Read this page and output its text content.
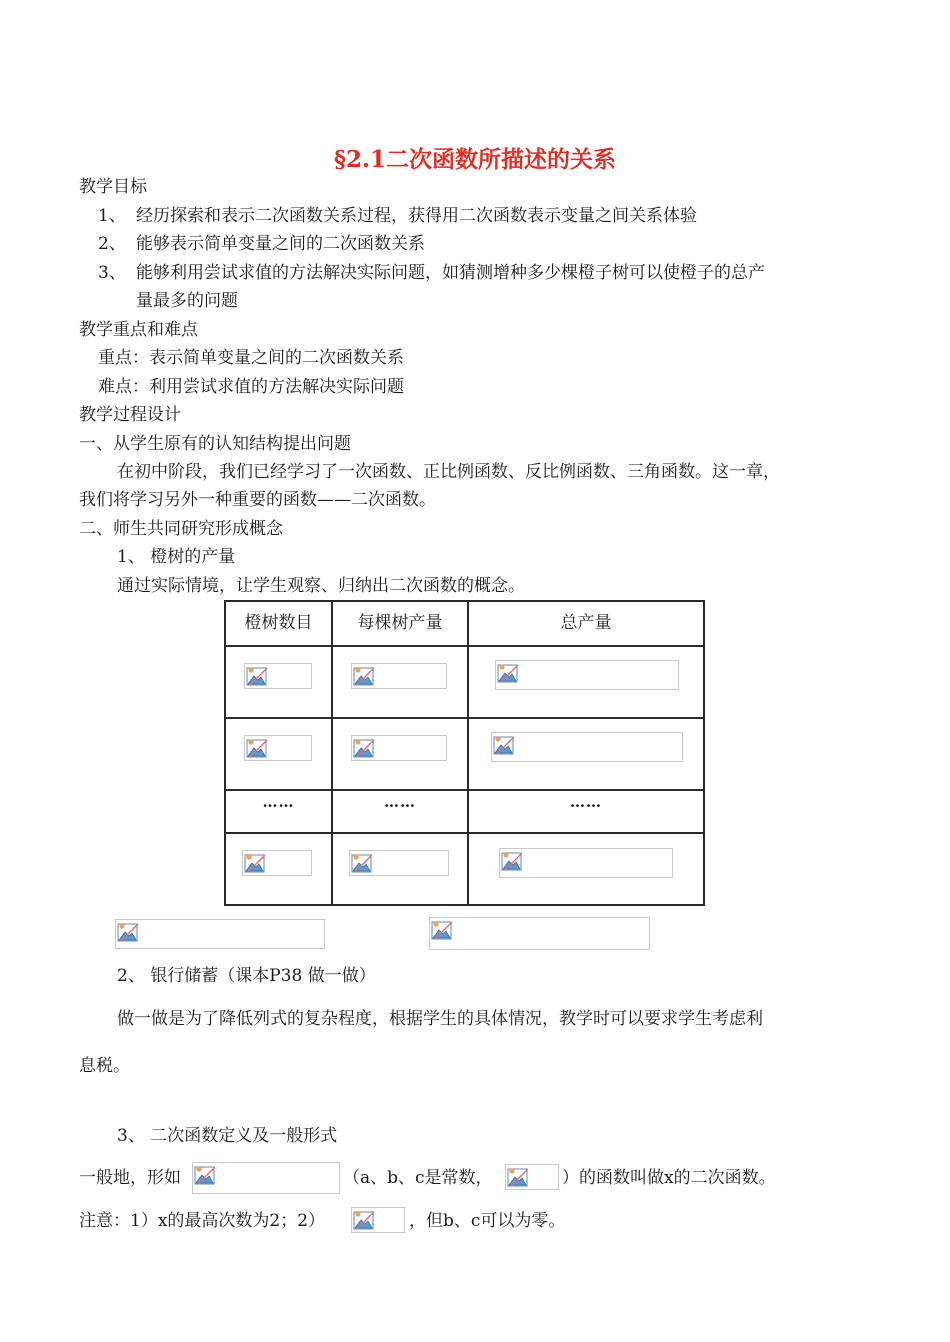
§2.1二次函数所描述的关系
教学目标
1、 经历探索和表示二次函数关系过程，获得用二次函数表示变量之间关系体验
2、 能够表示简单变量之间的二次函数关系
3、 能够利用尝试求值的方法解决实际问题，如猜测增种多少棵橙子树可以使橙子的总产
量最多的问题
教学重点和难点
重点：表示简单变量之间的二次函数关系
难点：利用尝试求值的方法解决实际问题
教学过程设计
一、从学生原有的认知结构提出问题
在初中阶段，我们已经学习了一次函数、正比例函数、反比例函数、三角函数。这一章，
我们将学习另外一种重要的函数——二次函数。
二、师生共同研究形成概念
1、 橙树的产量
通过实际情境，让学生观察、归纳出二次函数的概念。
橙树数目	每棵树产量	总产量

……	……	……

2、 银行储蓄（课本P38 做一做）
做一做是为了降低列式的复杂程度，根据学生的具体情况，教学时可以要求学生考虑利
息税。
3、 二次函数定义及一般形式
一般地，形如	（a、b、c是常数，	）的函数叫做x的二次函数。
注意：1）x的最高次数为2；2）	，但b、c可以为零。
